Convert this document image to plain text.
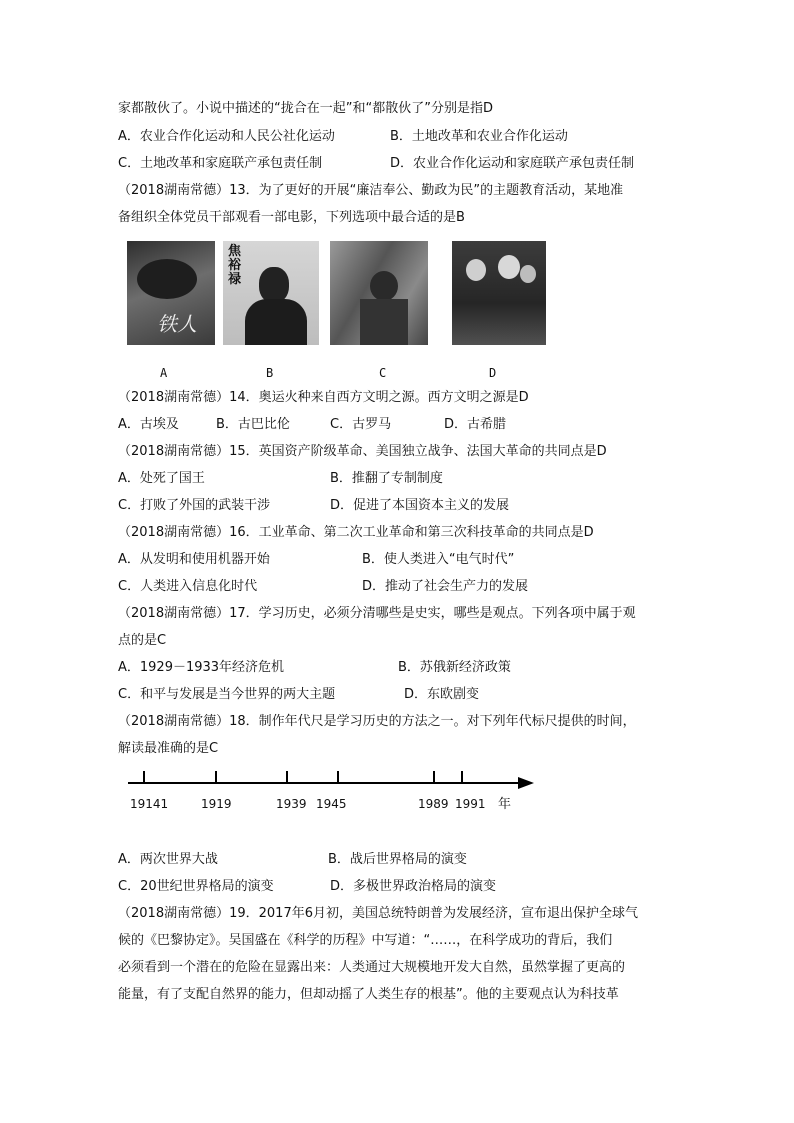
家都散伙了。小说中描述的“拢合在一起”和“都散伙了”分别是指D
A．农业合作化运动和人民公社化运动	B．土地改革和农业合作化运动
C．土地改革和家庭联产承包责任制	D．农业合作化运动和家庭联产承包责任制
（2018湖南常德）13．为了更好的开展“廉洁奉公、勤政为民”的主题教育活动，某地准
备组织全体党员干部观看一部电影，下列选项中最合适的是B
铁人
焦裕禄
A	B	C	D
（2018湖南常德）14．奥运火种来自西方文明之源。西方文明之源是D
A．古埃及	B．古巴比伦	C．古罗马	D．古希腊
（2018湖南常德）15．英国资产阶级革命、美国独立战争、法国大革命的共同点是D
A．处死了国王	B．推翻了专制制度
C．打败了外国的武装干涉	D．促进了本国资本主义的发展
（2018湖南常德）16．工业革命、第二次工业革命和第三次科技革命的共同点是D
A．从发明和使用机器开始	B．使人类进入“电气时代”
C．人类进入信息化时代	D．推动了社会生产力的发展
（2018湖南常德）17．学习历史，必须分清哪些是史实，哪些是观点。下列各项中属于观
点的是C
A．1929－1933年经济危机	B．苏俄新经济政策
C．和平与发展是当今世界的两大主题	D．东欧剧变
（2018湖南常德）18．制作年代尺是学习历史的方法之一。对下列年代标尺提供的时间，
解读最准确的是C
19141	1919	1939 1945	1989 1991 年
A．两次世界大战	B．战后世界格局的演变
C．20世纪世界格局的演变	D．多极世界政治格局的演变
（2018湖南常德）19．2017年6月初，美国总统特朗普为发展经济，宣布退出保护全球气
候的《巴黎协定》。吴国盛在《科学的历程》中写道：“……，在科学成功的背后，我们
必须看到一个潜在的危险在显露出来：人类通过大规模地开发大自然，虽然掌握了更高的
能量，有了支配自然界的能力，但却动摇了人类生存的根基”。他的主要观点认为科技革
